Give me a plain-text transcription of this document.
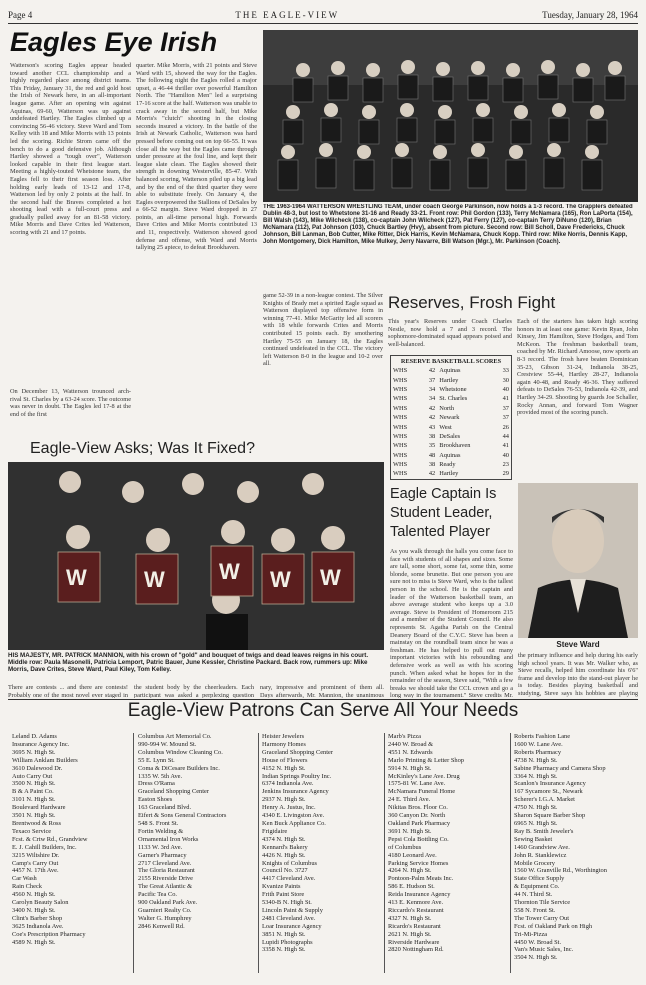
Page 4	THE EAGLE-VIEW	Tuesday, January 28, 1964
Eagles Eye Irish
Watterson's scoring Eagles appear headed toward another CCL championship and a highly regarded place among district teams. This Friday, January 31, the red and gold host the Irish of Newark here, in an all-important league game. After an opening win against Aquinas, 69-60, Watterson was up against undefeated Hartley. The Eagles climbed up a convincing 56-46 victory. Steve Ward and Tom Kelley with 18 and Mike Morris with 13 points led the scoring. Richie Strom came off the bench to do a good defensive job. Although Hartley showed a "tough over", Watterson looked capable in their first league start. Meeting a highly-touted Whetstone team, the Eagles fell to their first season loss. After holding early leads of 13-12 and 17-8, Watterson led by only 2 points at the half. In the second half the Braves completed a hot shooting lead with a full-court press and gradually pulled away for an 81-58 victory. Mike Morris and Dave Crites led Watterson, scoring with 21 and 17 points.
On December 13, Watterson trounced arch-rival St. Charles by a 63-24 score. The outcome was never in doubt. The Eagles led 17-8 at the end of the first
quarter. Mike Morris, with 21 points and Steve Ward with 15, showed the way for the Eagles. The following night the Eagles rolled a major upset, a 46-44 thriller over powerful Hamilton North. The "Hamilton Men" led a surprising 17-16 score at the half. Watterson was unable to crack away in the second half, but Mike Morris's "clutch" shooting in the closing seconds insured a victory. In the battle of the Irish at Newark Catholic, Watterson was hard pressed before coming out on top 66-55. It was close all the way but the Eagles came through under pressure at the foul line, and kept their league slate clean. The Eagles showed their strength in downing Westerville, 85-47. With balanced scoring, Watterson piled up a big lead and by the end of the third quarter they were able to substitute freely. On January 4, the Eagles overpowered the Stallions of DeSales by a 66-52 margin. Steve Ward dropped in 27 points, an all-time personal high. Forwards Dave Crites and Mike Morris contributed 13 and 11, respectively. Watterson showed good defense and offense, with Ward and Morris tallying 25 apiece, to defeat Brookhaven.
THE 1963-1964 WATTERSON WRESTLING TEAM, under coach George Parkinson, now holds a 1-3 record. The Grapplers defeated Dublin 48-3, but lost to Whetstone 31-16 and Ready 33-21. Front row: Phil Gordon (133), Terry McNamara (165), Ron LaPorta (154), Bill Walsh (143), Mike Wilcheck (138), co-captain John Wilcheck (127), Pat Ferry (127), co-captain Terry DiNuno (120), Brian McNamara (112), Pat Johnson (103), Chuck Bartley (Hvy), absent from picture. Second row: Bill Scholl, Dave Fredericks, Chuck Johnson, Bill Lanman, Bob Cutter, Mike Ritter, Dick Harris, Kevin McNamara, Chuck Kopp. Third row: Mike Norris, Dennis Kapp, John Montgomery, Dick Hamilton, Mike Mulkey, Jerry Navarre, Bill Watson (Mgr.), Mr. Parkinson (Coach).
game 52-39 in a non-league contest. The Silver Knights of Brady met a spirited Eagle squad as Watterson displayed top offensive form in winning 77-41. Mike McGarity led all scorers with 18 while forwards Crites and Morris contributed 15 points each. By smothering Hartley 75-55 on January 18, the Eagles continued undefeated in the CCL. The victory left Watterson 8-0 in the league and 10-2 over all.
Reserves, Frosh Fight
This year's Reserves under Coach Charles Nestle, now hold a 7 and 3 record. The sophomore-dominated squad appears poised and well-balanced.
RESERVE BASKETBALL SCORES
WHS	42	Aquinas	33
WHS	37	Hartley	30
WHS	34	Whetstone	40
WHS	34	St. Charles	41
WHS	42	North	37
WHS	42	Newark	37
WHS	43	West	26
WHS	38	DeSales	44
WHS	35	Brookhaven	41
WHS	48	Aquinas	40
WHS	38	Ready	23
WHS	42	Hartley	29
Each of the starters has taken high scoring honors in at least one game: Kevin Ryan, John Kinsey, Jim Hamilton, Steve Hodges, and Tom McKeon. The freshman basketball team, coached by Mr. Richard Amoose, now sports an 8-3 record. The frosh have beaten Dominican 35-23, Gibson 31-24, Indianola 38-25, Crestview 55-44, Hartley 28-27, Indianola again 40-48, and Ready 46-36. They suffered defeats to DeSales 76-53, Indianola 42-39, and Hartley 34-29. Shooting by guards Joe Schaller, Rocky Annan, and forward Tom Wagner provided most of the scoring punch.
Eagle-View Asks; Was It Fixed?
W	W W W W
HIS MAJESTY, MR. PATRICK MANNION, with his crown of "gold" and bouquet of twigs and dead leaves reigns in his court. Middle row: Paula Masonelli, Patricia Lemport, Patric Bauer, June Kessler, Christine Packard. Back row, rummers up: Mike Morris, Dave Crites, Steve Ward, Paul Kiley, Tom Kelley.
There are contests ... and there are contests! Probably one of the most novel ever staged in
the student body by the cheerleaders. Each participant was asked a perplexing question
nary, impressive and prominent of them all. Days afterwards, Mr. Mannion, the unanimous
Eagle Captain Is Student Leader, Talented Player
As you walk through the halls you come face to face with students of all shapes and sizes. Some are tall, some short, some fat, some thin, some blonde, some brunette. But one person you are sure not to miss is Steve Ward, who is the tallest person in the school. He is the captain and leader of the Watterson basketball team, an above average student who keeps up a 3.0 average. Steve is President of Homeroom 215 and a member of the Student Council. He also represents St. Agatha Parish on the Central Deanery Board of the C.Y.C. Steve has been a mainstay on the roundball team since he was a freshman. He has helped to pull out many important victories with his rebounding and defensive work as well as with his scoring punch. When asked what he hopes for in the remainder of the season, Steve said, "With a few breaks we should take the CCL crown and go a long way in the tournament." Steve credits Mr.
Steve Ward
the primary influence and help during his early high school years. It was Mr. Walker who, as Steve recalls, helped him coordinate his 6'6" frame and develop into the stand-out player he is today. Besides playing basketball and studying, Steve says his hobbies are playing
Eagle-View Patrons Can Serve All Your Needs
Leland D. Adams
Insurance Agency Inc.
3695 N. High St.
William Anklam Builders
3610 Dalewood Dr.
Auto Carry Out
3500 N. High St.
B & A Paint Co.
3101 N. High St.
Boulevard Hardware
3501 N. High St.
Brentwood & Ross
Texaco Service
Fcst. & Crtw Rd., Grandview
E. J. Cahill Builders, Inc.
3215 Wiltshire Dr.
Camp's Carry Out
4457 N. 17th Ave.
Car Wash
Rain Check
4560 N. High St.
Carolyn Beauty Salon
3400 N. High St.
Clint's Barber Shop
3625 Indianola Ave.
Coe's Prescription Pharmacy
4589 N. High St.
Columbus Art Memorial Co.
990-994 W. Mound St.
Columbus Window Cleaning Co.
55 E. Lynn St.
Coma & DiCesare Builders Inc.
1335 W. 5th Ave.
Dress O'Rama
Graceland Shopping Center
Easton Shoes
163 Graceland Blvd.
Eifert & Sons General Contractors
548 S. Front St.
Fortin Welding &
Ornamental Iron Works
1133 W. 3rd Ave.
Garner's Pharmacy
2717 Cleveland Ave.
The Gloria Restaurant
2155 Riverside Drive
The Great Atlantic &
Pacific Tea Co.
900 Oakland Park Ave.
Guarnieri Realty Co.
Walter G. Humphrey
2846 Kenwell Rd.
Heister Jewelers
Harmony Homes
Graceland Shopping Center
House of Flowers
4152 N. High St.
Indian Springs Poultry Inc.
6374 Indianola Ave.
Jenkins Insurance Agency
2937 N. High St.
Henry A. Justus, Inc.
4340 E. Livingston Ave.
Ken Buck Appliance Co.
Frigidaire
4374 N. High St.
Kennard's Bakery
4426 N. High St.
Knights of Columbus
Council No. 3727
4417 Cleveland Ave.
Kvanize Paints
Frith Paint Store
5340-B N. High St.
Lincoln Paint & Supply
2481 Cleveland Ave.
Loar Insurance Agency
3851 N. High St.
Lupidi Photographs
3358 N. High St.
Marb's Pizza
2440 W. Broad &
4551 N. Edwards
Marlo Printing & Letter Shop
5914 N. High St.
McKinley's Lane Ave. Drug
1575-81 W. Lane Ave.
McNamara Funeral Home
24 E. Third Ave.
Nikitas Bros. Floor Co.
360 Canyon Dr. North
Oakland Park Pharmacy
3691 N. High St.
Pepsi Cola Bottling Co.
of Columbus
4180 Leonard Ave.
Parking Service Homes
4264 N. High St.
Pontoon-Palm Meats Inc.
586 E. Hudson St.
Reida Insurance Agency
413 E. Kenmore Ave.
Riccardo's Restaurant
4327 N. High St.
Ricardo's Restaurant
2621 N. High St.
Riverside Hardware
2820 Nottingham Rd.
Roberts Fashion Lane
1600 W. Lane Ave.
Roberts Pharmacy
4738 N. High St.
Sabine Pharmacy and Camera Shop
3364 N. High St.
Scanlon's Insurance Agency
167 Sycamore St., Newark
Scherer's I.G.A. Market
4750 N. High St.
Sharon Square Barber Shop
6965 N. High St.
Ray B. Smith Jeweler's
Sewing Basket
1460 Grandview Ave.
John R. Stanklewicz
Mobile Grocery
1560 W. Granville Rd., Worthington
State Office Supply
& Equipment Co.
44 N. Third St.
Thornton Tile Service
558 N. Front St.
The Tower Carry Out
Fcst. of Oakland Park on High
Tri-Mi-Pizza
4450 W. Broad St.
Van's Music Sales, Inc.
3504 N. High St.
